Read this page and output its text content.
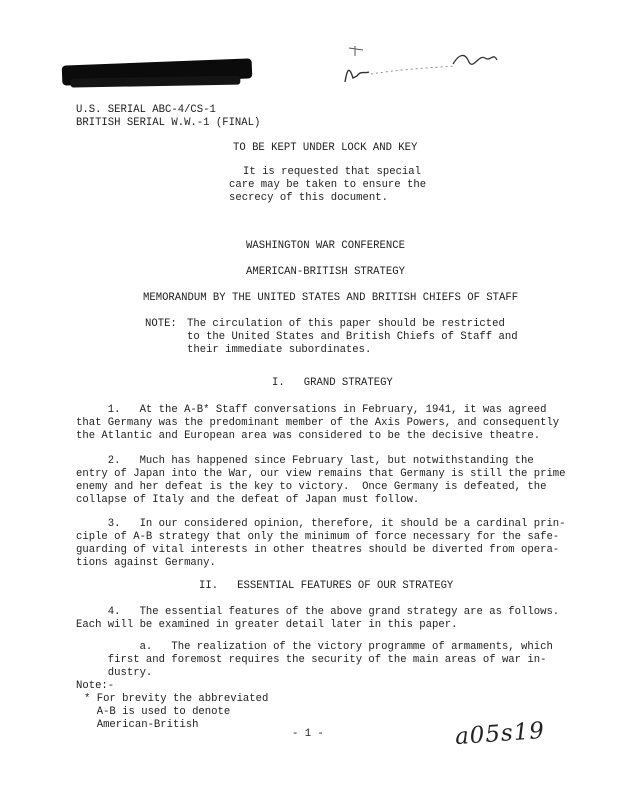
U.S. SERIAL ABC-4/CS-1
BRITISH SERIAL W.W.-1 (FINAL)
TO BE KEPT UNDER LOCK AND KEY
It is requested that special
care may be taken to ensure the
secrecy of this document.
WASHINGTON WAR CONFERENCE
AMERICAN-BRITISH STRATEGY
MEMORANDUM BY THE UNITED STATES AND BRITISH CHIEFS OF STAFF
NOTE: The circulation of this paper should be restricted
to the United States and British Chiefs of Staff and
their immediate subordinates.
I.   GRAND STRATEGY
1.   At the A-B* Staff conversations in February, 1941, it was agreed
that Germany was the predominant member of the Axis Powers, and consequently
the Atlantic and European area was considered to be the decisive theatre.
2.   Much has happened since February last, but notwithstanding the
entry of Japan into the War, our view remains that Germany is still the prime
enemy and her defeat is the key to victory.  Once Germany is defeated, the
collapse of Italy and the defeat of Japan must follow.
3.   In our considered opinion, therefore, it should be a cardinal prin-
ciple of A-B strategy that only the minimum of force necessary for the safe-
guarding of vital interests in other theatres should be diverted from opera-
tions against Germany.
II.   ESSENTIAL FEATURES OF OUR STRATEGY
4.   The essential features of the above grand strategy are as follows.
Each will be examined in greater detail later in this paper.
a.   The realization of the victory programme of armaments, which
first and foremost requires the security of the main areas of war in-
dustry.
Note:-
* For brevity the abbreviated
A-B is used to denote
American-British
- 1 -	a05s19
